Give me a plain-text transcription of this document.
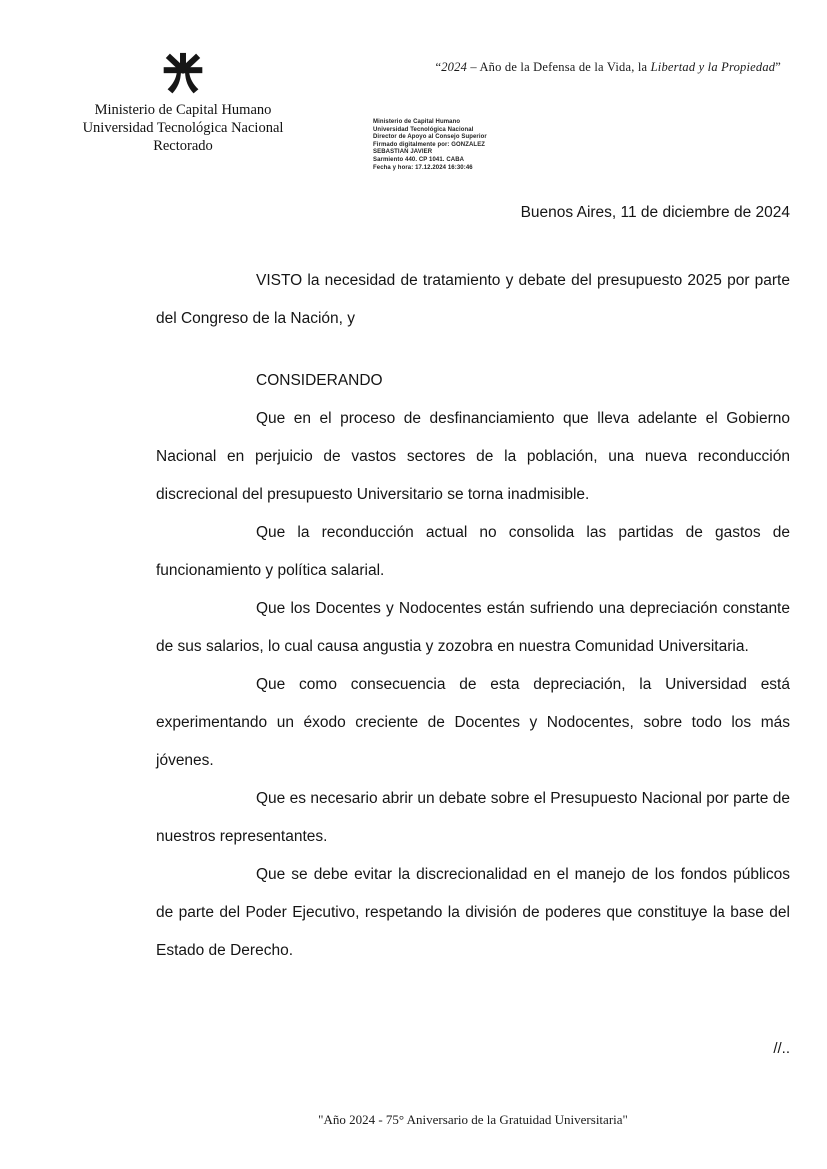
“2024 – Año de la Defensa de la Vida, la Libertad y la Propiedad”
Ministerio de Capital Humano
Universidad Tecnológica Nacional
Rectorado
Ministerio de Capital Humano
Universidad Tecnológica Nacional
Director de Apoyo al Consejo Superior
Firmado digitalmente por: GONZALEZ
SEBASTIAN JAVIER
Sarmiento 440. CP 1041. CABA
Fecha y hora: 17.12.2024 16:30:46
Buenos Aires, 11 de diciembre de 2024

VISTO la necesidad de tratamiento y debate del presupuesto 2025 por parte del Congreso de la Nación, y

CONSIDERANDO

Que en el proceso de desfinanciamiento que lleva adelante el Gobierno Nacional en perjuicio de vastos sectores de la población, una nueva reconducción discrecional del presupuesto Universitario se torna inadmisible.

Que la reconducción actual no consolida las partidas de gastos de funcionamiento y política salarial.

Que los Docentes y Nodocentes están sufriendo una depreciación constante de sus salarios, lo cual causa angustia y zozobra en nuestra Comunidad Universitaria.

Que como consecuencia de esta depreciación, la Universidad está experimentando un éxodo creciente de Docentes y Nodocentes, sobre todo los más jóvenes.

Que es necesario abrir un debate sobre el Presupuesto Nacional por parte de nuestros representantes.

Que se debe evitar la discrecionalidad en el manejo de los fondos públicos de parte del Poder Ejecutivo, respetando la división de poderes que constituye la base del Estado de Derecho.

//..
"Año 2024 - 75° Aniversario de la Gratuidad Universitaria"
